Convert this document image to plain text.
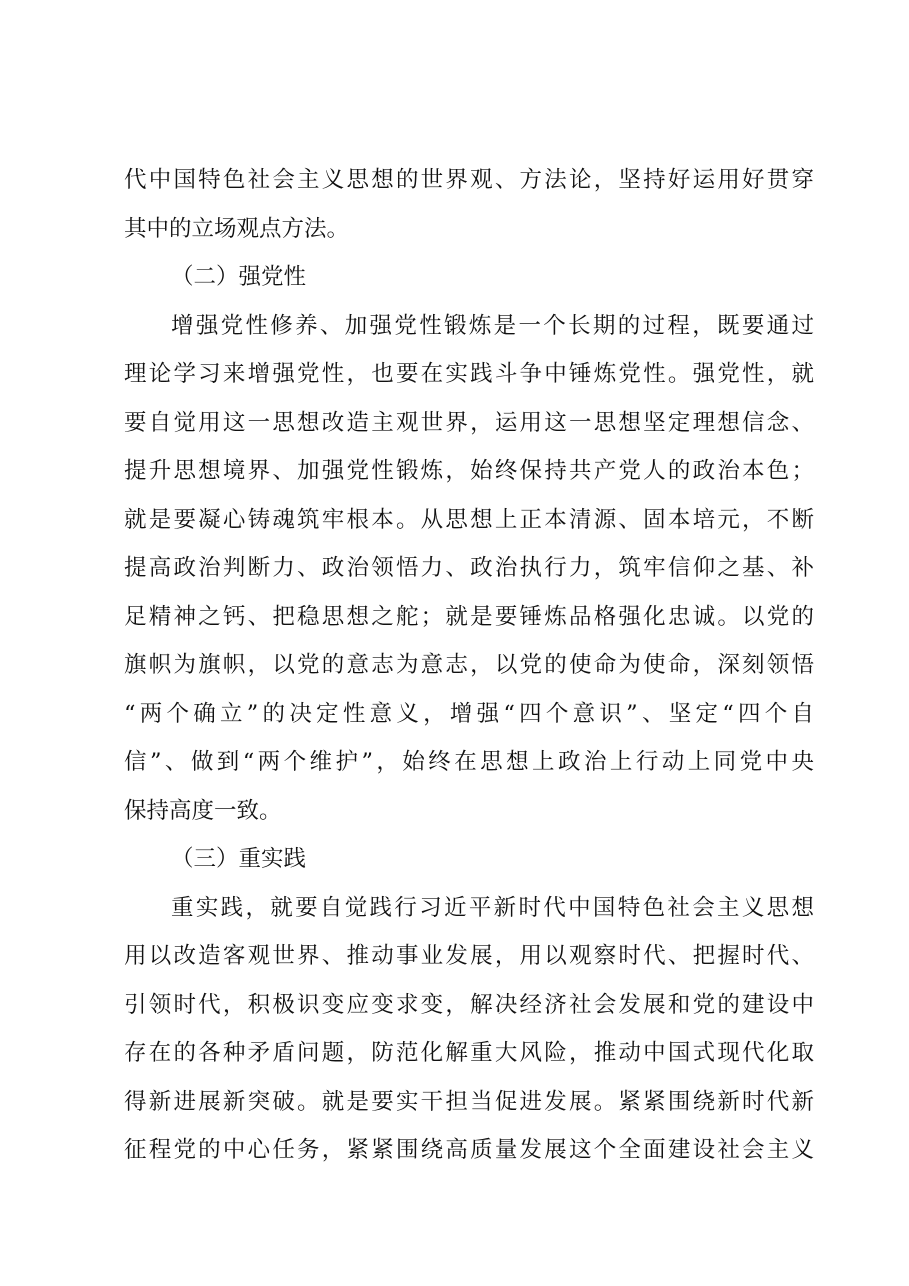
代中国特色社会主义思想的世界观、方法论，坚持好运用好贯穿
其中的立场观点方法。
（二）强党性
增强党性修养、加强党性锻炼是一个长期的过程，既要通过
理论学习来增强党性，也要在实践斗争中锤炼党性。强党性，就
要自觉用这一思想改造主观世界，运用这一思想坚定理想信念、
提升思想境界、加强党性锻炼，始终保持共产党人的政治本色；
就是要凝心铸魂筑牢根本。从思想上正本清源、固本培元，不断
提高政治判断力、政治领悟力、政治执行力，筑牢信仰之基、补
足精神之钙、把稳思想之舵；就是要锤炼品格强化忠诚。以党的
旗帜为旗帜，以党的意志为意志，以党的使命为使命，深刻领悟
“两个确立”的决定性意义，增强“四个意识”、坚定“四个自
信”、做到“两个维护”，始终在思想上政治上行动上同党中央
保持高度一致。
（三）重实践
重实践，就要自觉践行习近平新时代中国特色社会主义思想
用以改造客观世界、推动事业发展，用以观察时代、把握时代、
引领时代，积极识变应变求变，解决经济社会发展和党的建设中
存在的各种矛盾问题，防范化解重大风险，推动中国式现代化取
得新进展新突破。就是要实干担当促进发展。紧紧围绕新时代新
征程党的中心任务，紧紧围绕高质量发展这个全面建设社会主义
